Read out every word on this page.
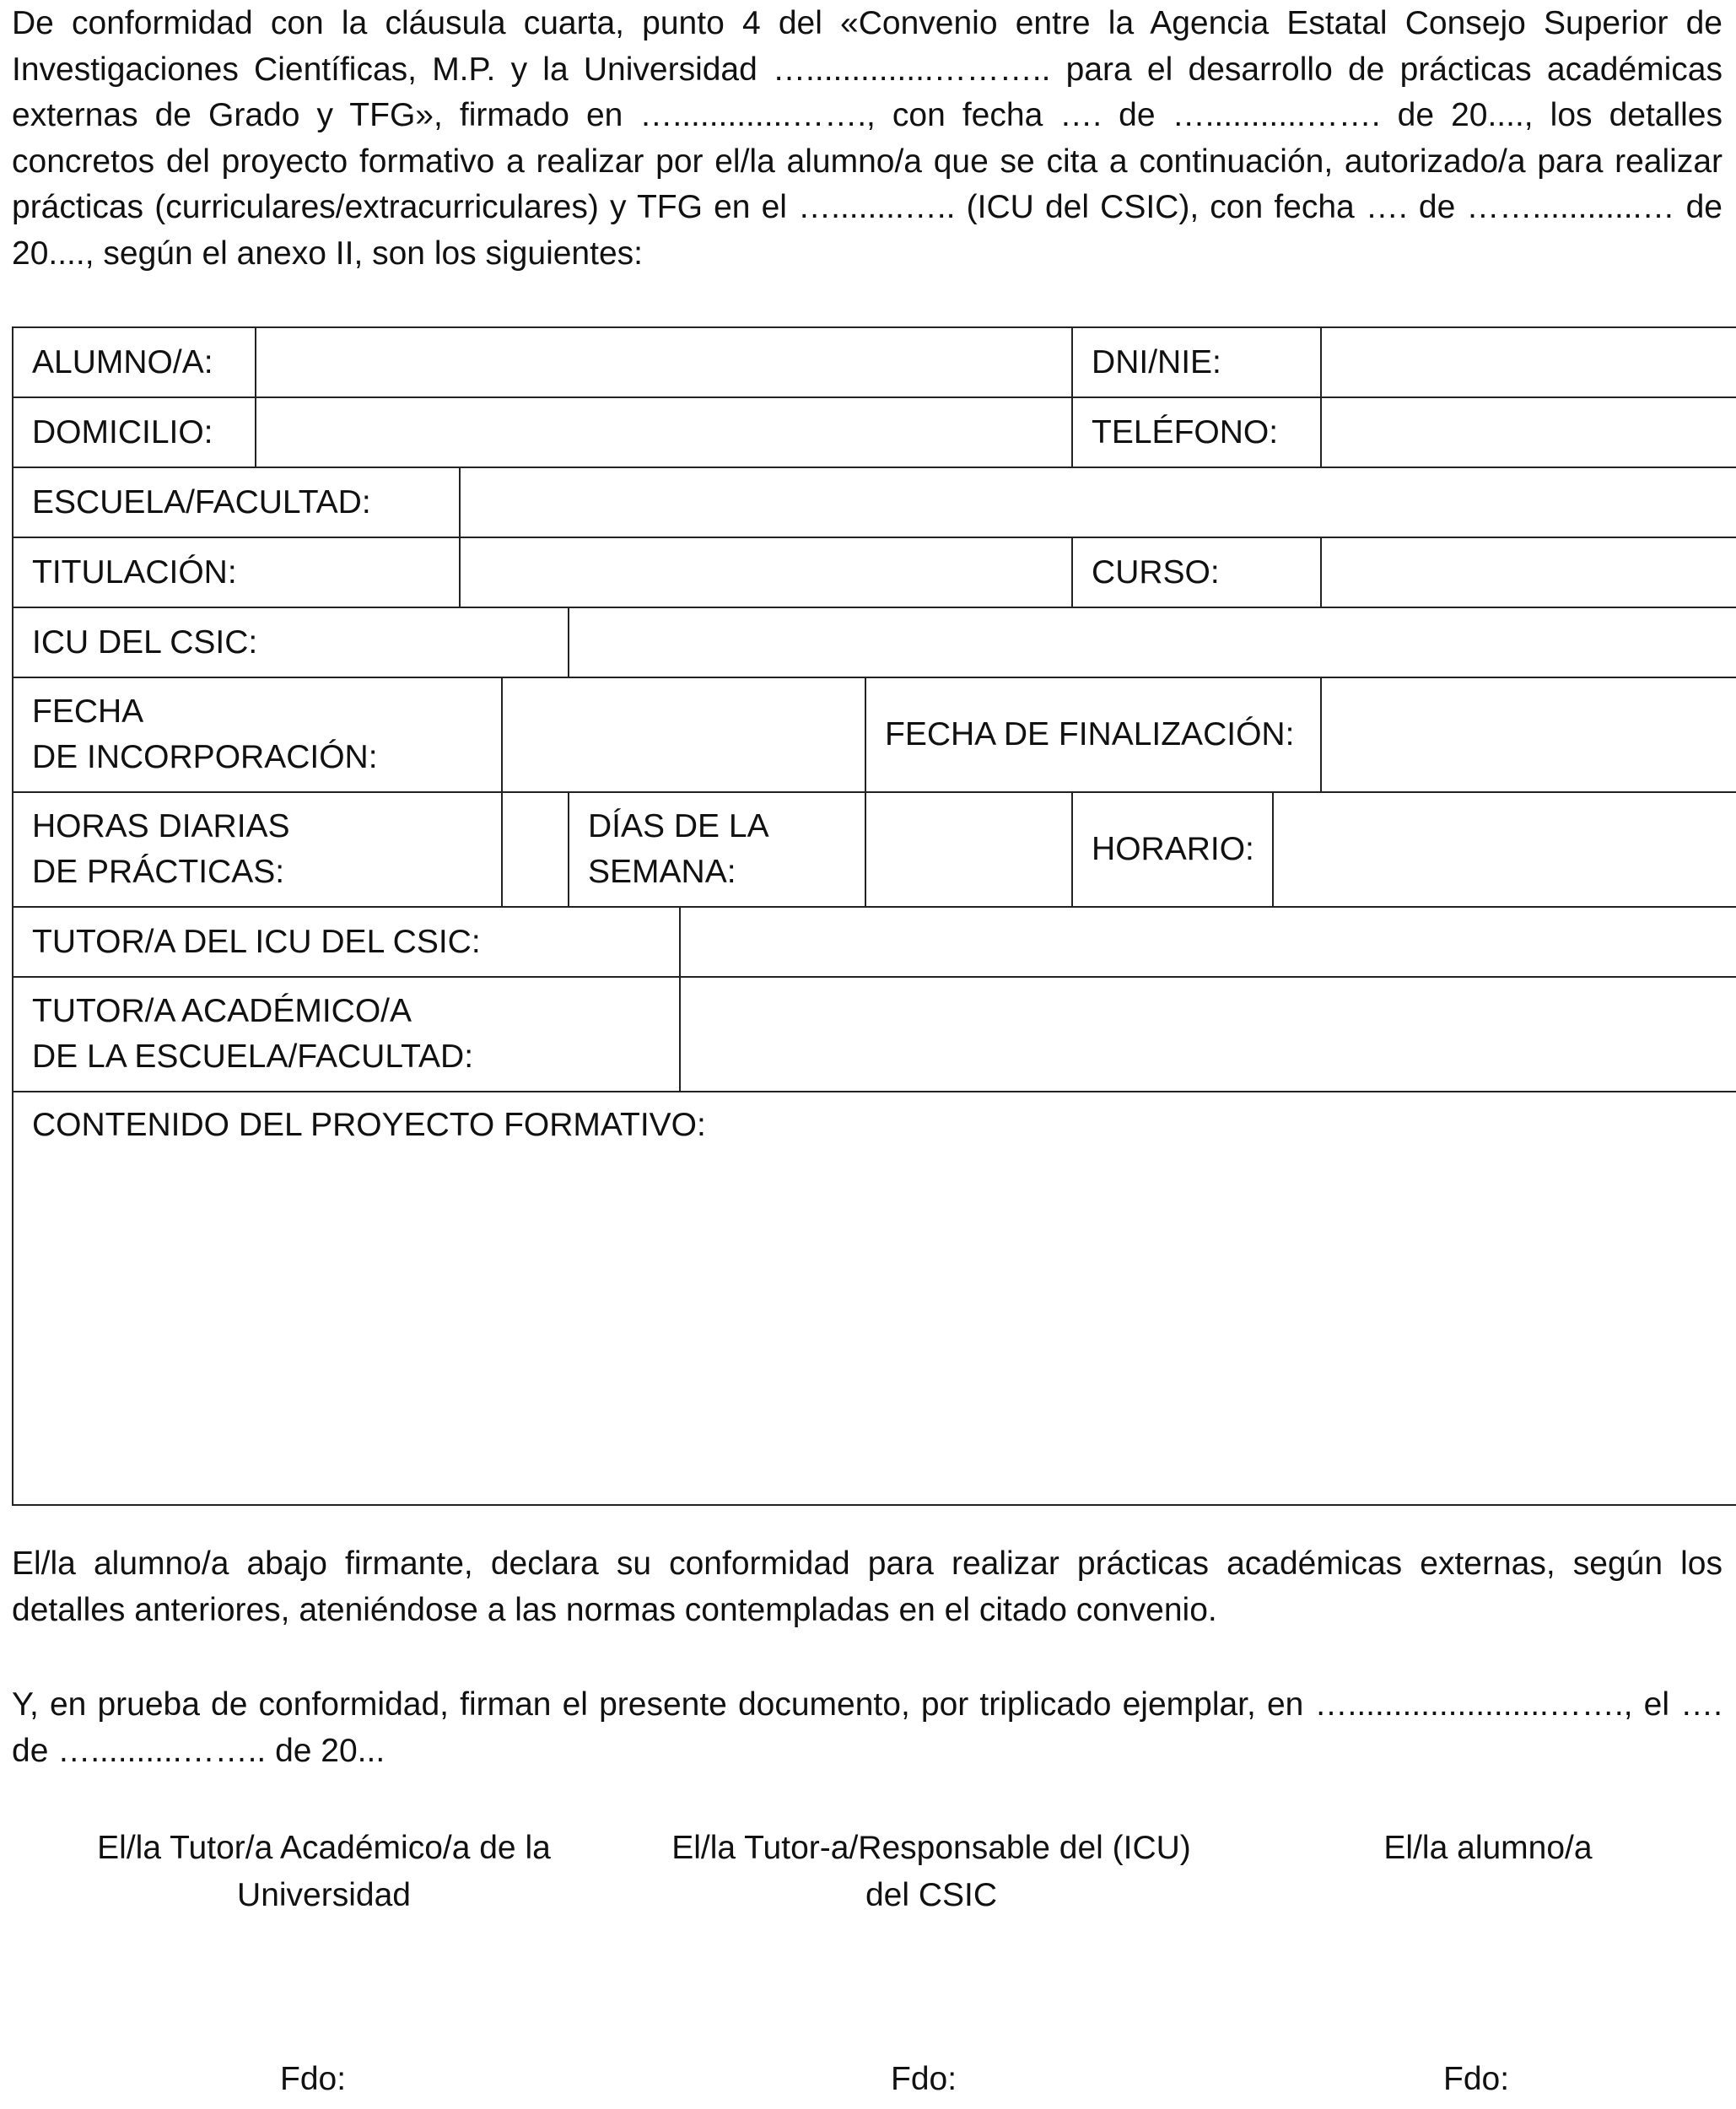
De conformidad con la cláusula cuarta, punto 4 del «Convenio entre la Agencia Estatal Consejo Superior de Investigaciones Científicas, M.P. y la Universidad …..............……….. para el desarrollo de prácticas académicas externas de Grado y TFG», firmado en ….............……., con fecha …. de …...........……. de 20...., los detalles concretos del proyecto formativo a realizar por el/la alumno/a que se cita a continuación, autorizado/a para realizar prácticas (curriculares/extracurriculares) y TFG en el …........….. (ICU del CSIC), con fecha …. de ……............… de 20...., según el anexo II, son los siguientes:

ALUMNO/A:							DNI/NIE:		
DOMICILIO:							TELÉFONO:		
ESCUELA/FACULTAD:									
TITULACIÓN:							CURSO:		
ICU DEL CSIC:									
FECHA
DE INCORPORACIÓN:						FECHA DE FINALIZACIÓN:			
HORAS DIARIAS
DE PRÁCTICAS:				DÍAS DE LA SEMANA:			HORARIO:		
TUTOR/A DEL ICU DEL CSIC:									
TUTOR/A ACADÉMICO/A
DE LA ESCUELA/FACULTAD:									
CONTENIDO DEL PROYECTO FORMATIVO:									

El/la alumno/a abajo firmante, declara su conformidad para realizar prácticas académicas externas, según los detalles anteriores, ateniéndose a las normas contempladas en el citado convenio.

Y, en prueba de conformidad, firman el presente documento, por triplicado ejemplar, en …......................……., el …. de …..........…….. de 20...

El/la Tutor/a Académico/a de la
Universidad
El/la Tutor-a/Responsable del (ICU)
del CSIC
El/la alumno/a
Fdo:	Fdo:	Fdo:
